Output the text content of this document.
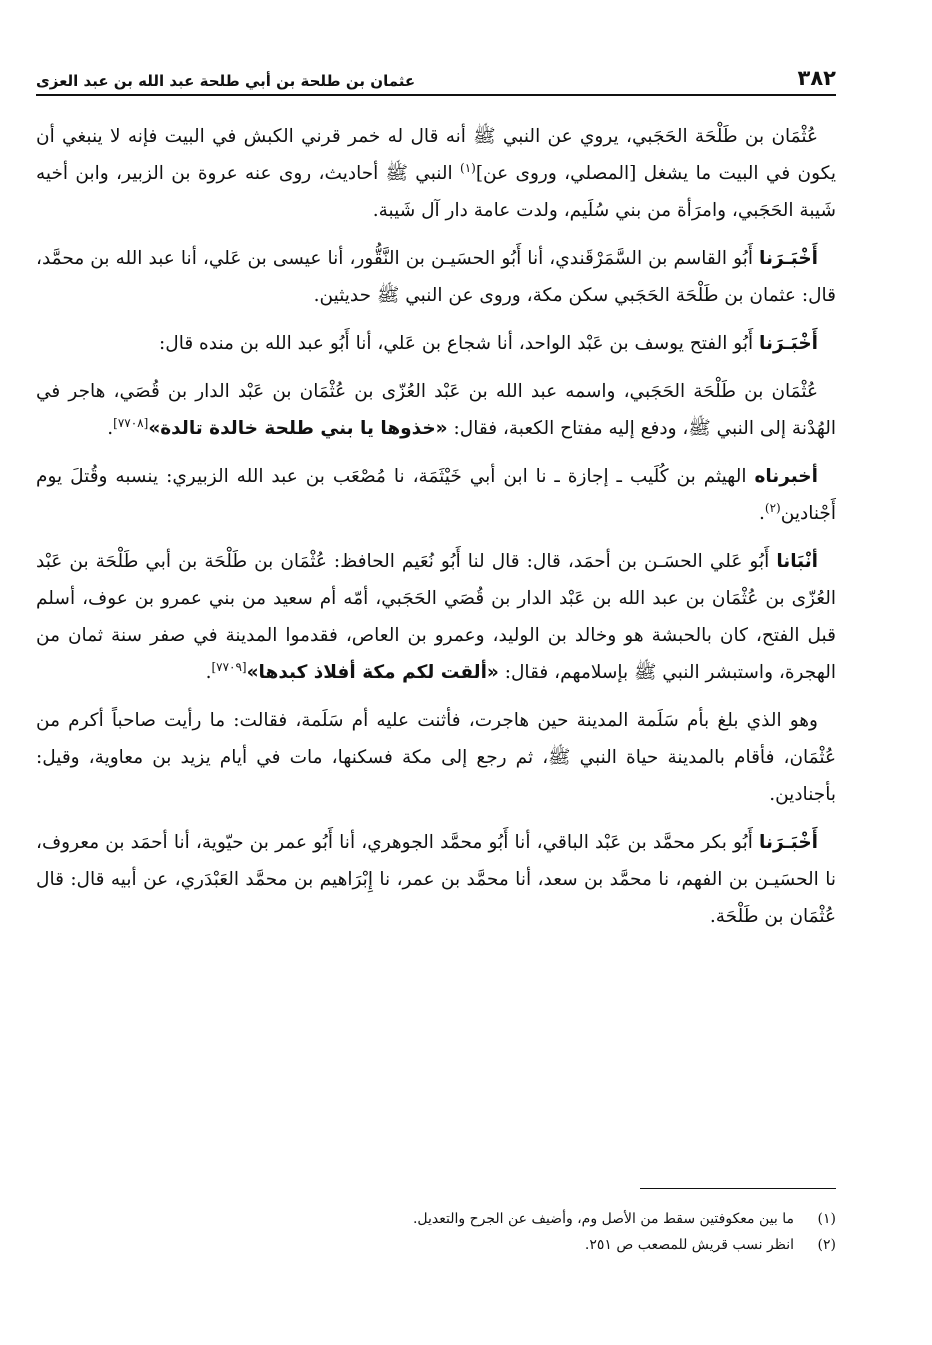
٣٨٢
عثمان بن طلحة بن أبي طلحة عبد الله بن عبد العزى

عُثْمَان بن طَلْحَة الحَجَبي، يروي عن النبي ﷺ أنه قال له خمر قرني الكبش في البيت فإنه لا ينبغي أن يكون في البيت ما يشغل [المصلي، وروى عن]$^{(١)}$ النبي ﷺ أحاديث، روى عنه عروة بن الزبير، وابن أخيه شَيبة الحَجَبي، وامرَأة من بني سُلَيم، ولدت عامة دار آل شَيبة.

أَخْبَـرَنا أَبُو القاسم بن السَّمَرْقَندي، أنا أَبُو الحسَيـن بن النَّقُّور، أنا عيسى بن عَلي، أنا عبد الله بن محمَّد، قال: عثمان بن طَلْحَة الحَجَبي سكن مكة، وروى عن النبي ﷺ حديثين.

أَخْبَـرَنا أَبُو الفتح يوسف بن عَبْد الواحد، أنا شجاع بن عَلي، أنا أَبُو عبد الله بن منده قال:

عُثْمَان بن طَلْحَة الحَجَبي، واسمه عبد الله بن عَبْد العُزّى بن عُثْمَان بن عَبْد الدار بن قُصَي، هاجر في الهُدْنة إلى النبي ﷺ، ودفع إليه مفتاح الكعبة، فقال: «خذوها يا بني طلحة خالدة تالدة»[٧٧٠٨].

أخبرناه الهيثم بن كُلَيب ـ إجازة ـ نا ابن أبي خَيْثَمَة، نا مُصْعَب بن عبد الله الزبيري: ينسبه وقُتلَ يوم أَجْنادين$^{(٢)}$.

أنْبَانا أَبُو عَلي الحسَـن بن أحمَد، قال: قال لنا أَبُو نُعَيم الحافظ: عُثْمَان بن طَلْحَة بن أبي طَلْحَة بن عَبْد العُزّى بن عُثْمَان بن عبد الله بن عَبْد الدار بن قُصَي الحَجَبي، أمّه أم سعيد من بني عمرو بن عوف، أسلم قبل الفتح، كان بالحبشة هو وخالد بن الوليد، وعمرو بن العاص، فقدموا المدينة في صفر سنة ثمان من الهجرة، واستبشر النبي ﷺ بإسلامهم، فقال: «ألقت لكم مكة أفلاذ كبدها»[٧٧٠٩].

وهو الذي بلغ بأم سَلَمة المدينة حين هاجرت، فأثنت عليه أم سَلَمة، فقالت: ما رأيت صاحباً أكرم من عُثْمَان، فأقام بالمدينة حياة النبي ﷺ، ثم رجع إلى مكة فسكنها، مات في أيام يزيد بن معاوية، وقيل: بأجنادين.

أَخْبَـرَنا أَبُو بكر محمَّد بن عَبْد الباقي، أنا أَبُو محمَّد الجوهري، أنا أَبُو عمر بن حيّوية، أنا أحمَد بن معروف، نا الحسَيـن بن الفهم، نا محمَّد بن سعد، أنا محمَّد بن عمر، نا إِبْرَاهيم بن محمَّد العَبْدَري، عن أبيه قال: قال عُثْمَان بن طَلْحَة.

(١)
ما بين معكوفتين سقط من الأصل وم، وأضيف عن الجرح والتعديل.
(٢)
انظر نسب قريش للمصعب ص ٢٥١.
